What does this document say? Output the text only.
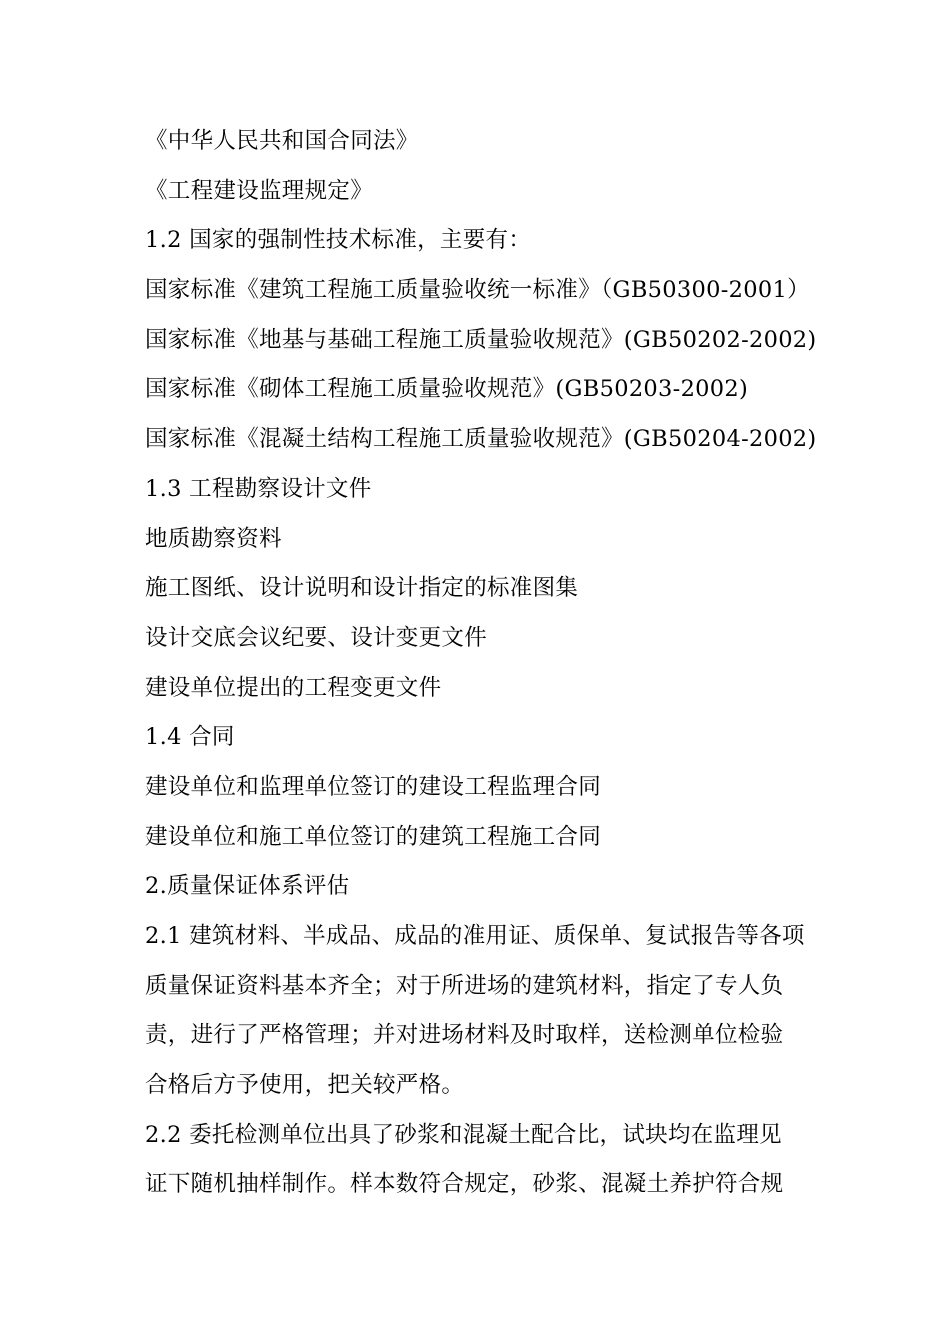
《中华人民共和国合同法》
《工程建设监理规定》
1.2 国家的强制性技术标准，主要有：
国家标准《建筑工程施工质量验收统一标准》（GB50300-2001）
国家标准《地基与基础工程施工质量验收规范》(GB50202-2002)
国家标准《砌体工程施工质量验收规范》(GB50203-2002)
国家标准《混凝土结构工程施工质量验收规范》(GB50204-2002)
1.3 工程勘察设计文件
地质勘察资料
施工图纸、设计说明和设计指定的标准图集
设计交底会议纪要、设计变更文件
建设单位提出的工程变更文件
1.4 合同
建设单位和监理单位签订的建设工程监理合同
建设单位和施工单位签订的建筑工程施工合同
2.质量保证体系评估
2.1 建筑材料、半成品、成品的准用证、质保单、复试报告等各项
质量保证资料基本齐全；对于所进场的建筑材料，指定了专人负
责，进行了严格管理；并对进场材料及时取样，送检测单位检验
合格后方予使用，把关较严格。
2.2 委托检测单位出具了砂浆和混凝土配合比，试块均在监理见
证下随机抽样制作。样本数符合规定，砂浆、混凝土养护符合规
